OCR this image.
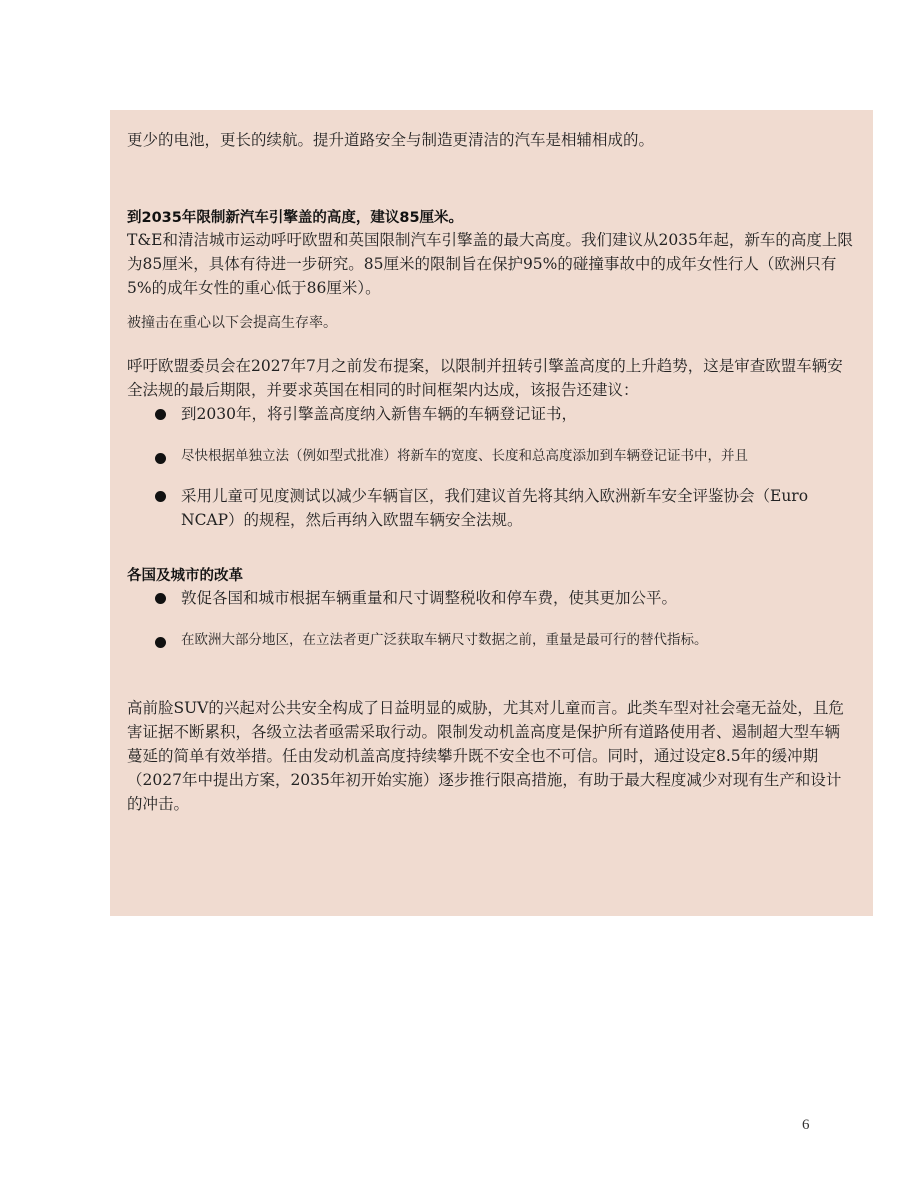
更少的电池，更长的续航。提升道路安全与制造更清洁的汽车是相辅相成的。

到2035年限制新汽车引擎盖的高度，建议85厘米。

T&E和清洁城市运动呼吁欧盟和英国限制汽车引擎盖的最大高度。我们建议从2035年起，新车的高度上限为85厘米，具体有待进一步研究。85厘米的限制旨在保护95%的碰撞事故中的成年女性行人（欧洲只有5%的成年女性的重心低于86厘米）。

被撞击在重心以下会提高生存率。

呼吁欧盟委员会在2027年7月之前发布提案，以限制并扭转引擎盖高度的上升趋势，这是审查欧盟车辆安全法规的最后期限，并要求英国在相同的时间框架内达成，该报告还建议：

到2030年，将引擎盖高度纳入新售车辆的车辆登记证书，
尽快根据单独立法（例如型式批准）将新车的宽度、长度和总高度添加到车辆登记证书中，并且
采用儿童可见度测试以减少车辆盲区，我们建议首先将其纳入欧洲新车安全评鉴协会（Euro NCAP）的规程，然后再纳入欧盟车辆安全法规。

各国及城市的改革

敦促各国和城市根据车辆重量和尺寸调整税收和停车费，使其更加公平。
在欧洲大部分地区，在立法者更广泛获取车辆尺寸数据之前，重量是最可行的替代指标。

高前脸SUV的兴起对公共安全构成了日益明显的威胁，尤其对儿童而言。此类车型对社会毫无益处，且危害证据不断累积，各级立法者亟需采取行动。限制发动机盖高度是保护所有道路使用者、遏制超大型车辆蔓延的简单有效举措。任由发动机盖高度持续攀升既不安全也不可信。同时，通过设定8.5年的缓冲期（2027年中提出方案，2035年初开始实施）逐步推行限高措施，有助于最大程度减少对现有生产和设计的冲击。

6
